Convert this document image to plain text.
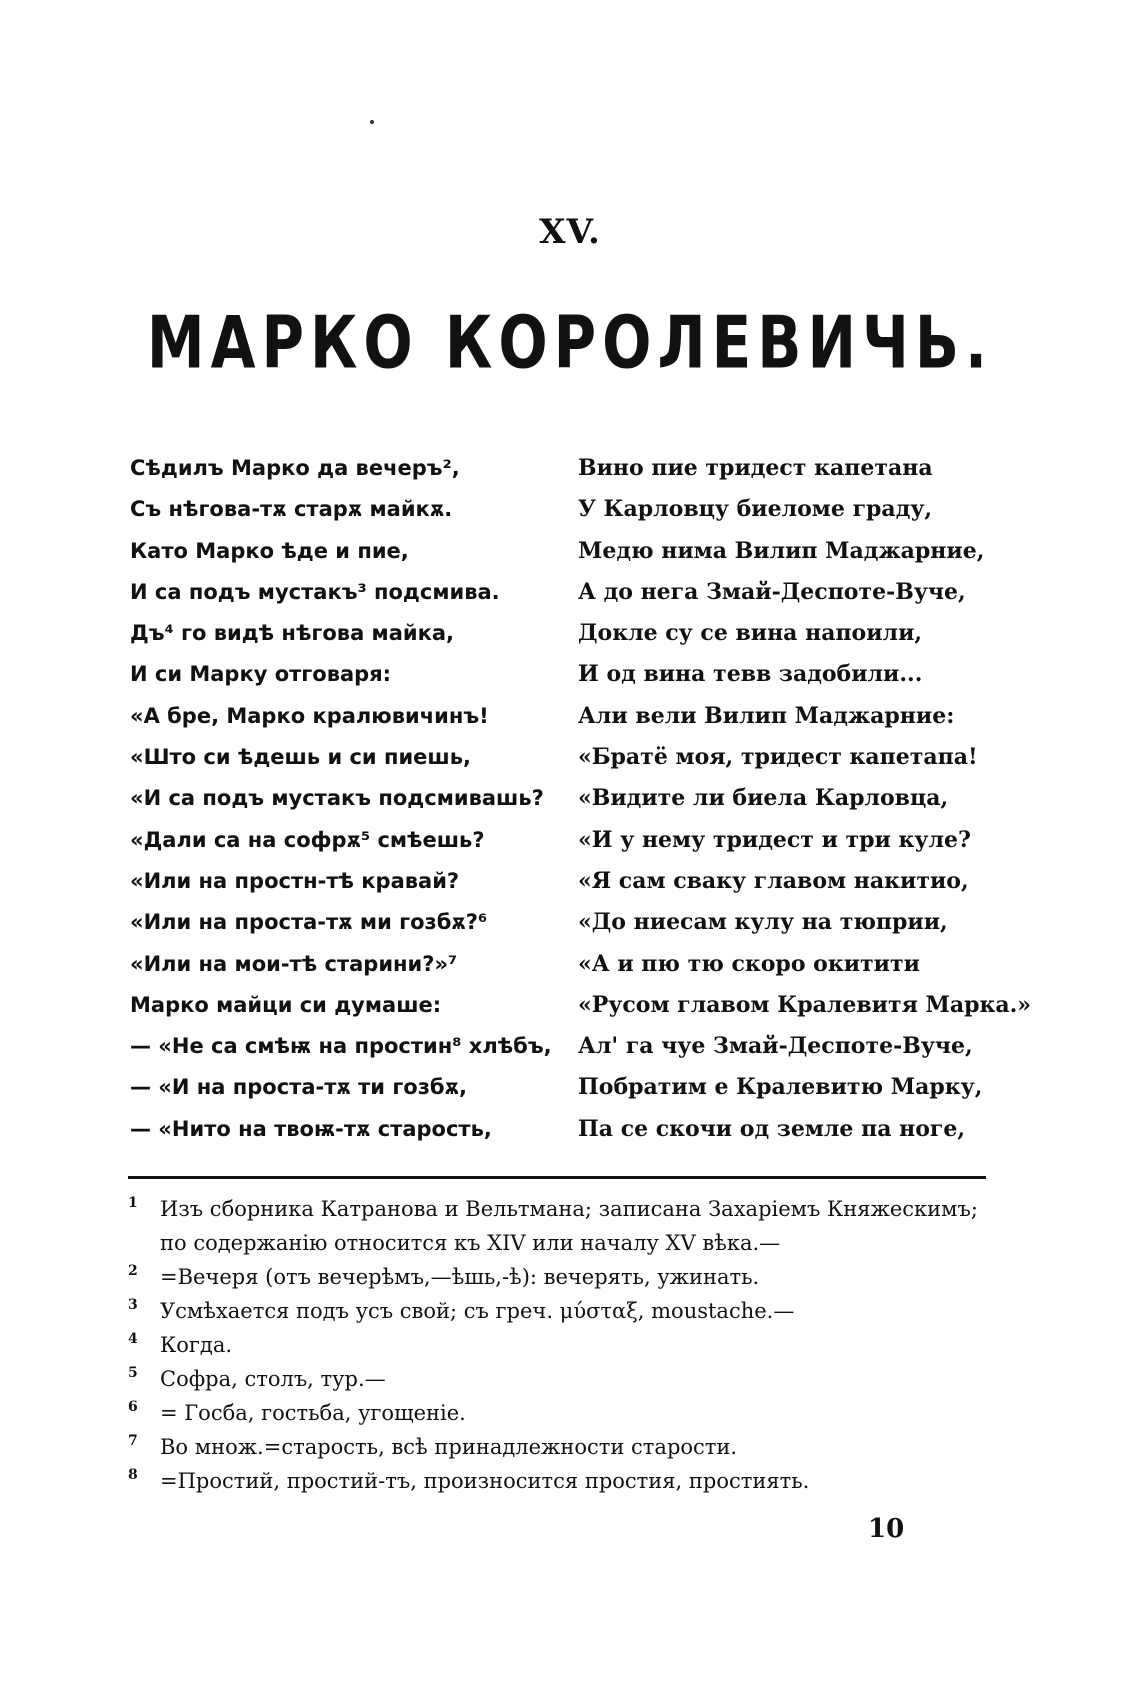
XV.
МАРКО КОРОЛЕВИЧЬ.
Сѣдилъ Марко да вечеръ²,
Съ нѣгова-тѫ старѫ майкѫ.
Като Марко ѣде и пие,
И са подъ мустакъ³ подсмива.
Дъ⁴ го видѣ нѣгова майка,
И си Марку отговаря:
«А бре, Марко кралювичинъ!
«Што си ѣдешь и си пиешь,
«И са подъ мустакъ подсмивашь?
«Дали са на софрѫ⁵ смѣешь?
«Или на простн-тѣ кравай?
«Или на проста-тѫ ми гозбѫ?⁶
«Или на мои-тѣ старини?»⁷
Марко майци си думаше:
— «Не са смѣѭ на простин⁸ хлѣбъ,
— «И на проста-тѫ ти гозбѫ,
— «Нито на твоѭ-тѫ старость,
Вино пие тридест капетана
У Карловцу биеломе граду,
Медю нима Вилип Маджарние,
А до нега Змай-Деспоте-Вуче,
Докле су се вина напоили,
И од вина тевв задобили...
Али вели Вилип Маджарние:
«Братё моя, тридест капетапа!
«Видите ли биела Карловца,
«И у нему тридест и три куле?
«Я сам сваку главом накитио,
«До ниесам кулу на тюприи,
«А и пю тю скоро окитити
«Русом главом Кралевитя Марка.»
Ал' га чуе Змай-Деспоте-Вуче,
Побратим е Кралевитю Марку,
Па се скочи од земле па ноге,
1 Изъ сборника Катранова и Вельтмана; записана Захаріемъ Княжескимъ; по содержанію относится къ XIV или началу XV вѣка.—
2 =Вечеря (отъ вечерѣмъ,—ѣшь,-ѣ): вечерять, ужинать.
3 Усмѣхается подъ усъ свой; съ греч. μύσταξ, moustache.—
4 Когда.
5 Софра, столъ, тур.—
6 = Госба, гостьба, угощеніе.
7 Во множ.=старость, всѣ принадлежности старости.
8 =Простий, простий-тъ, произносится простия, простиять.
10
